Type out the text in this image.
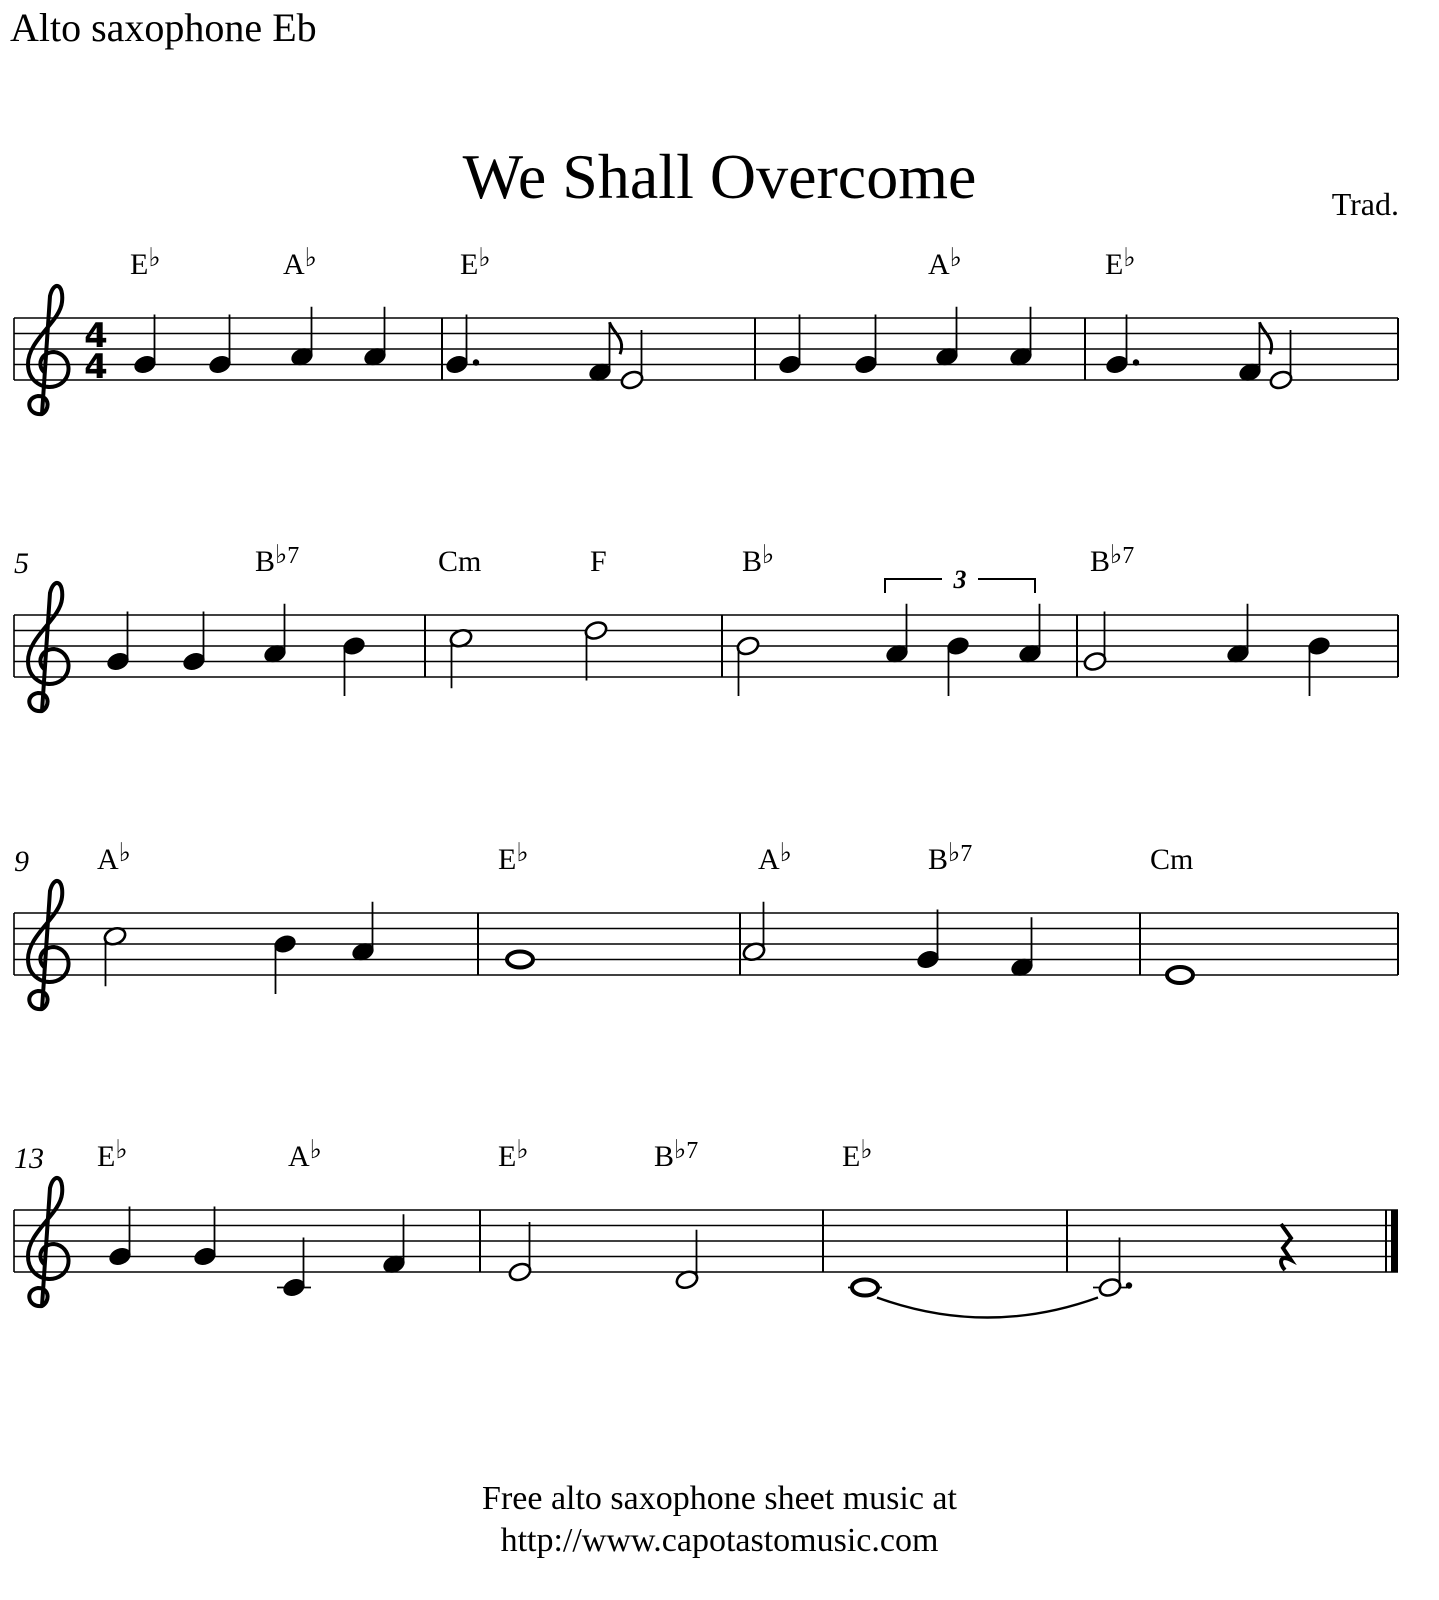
Alto saxophone Eb
We Shall Overcome	Trad.
4
4
E♭	A♭	E♭	A♭	E♭
5	B♭7	Cm	F	B♭	B♭7
3
9 A♭	E♭	A♭	B♭7	Cm
13 E♭	A♭	E♭	B♭7	E♭
Free alto saxophone sheet music at
http://www.capotastomusic.com
